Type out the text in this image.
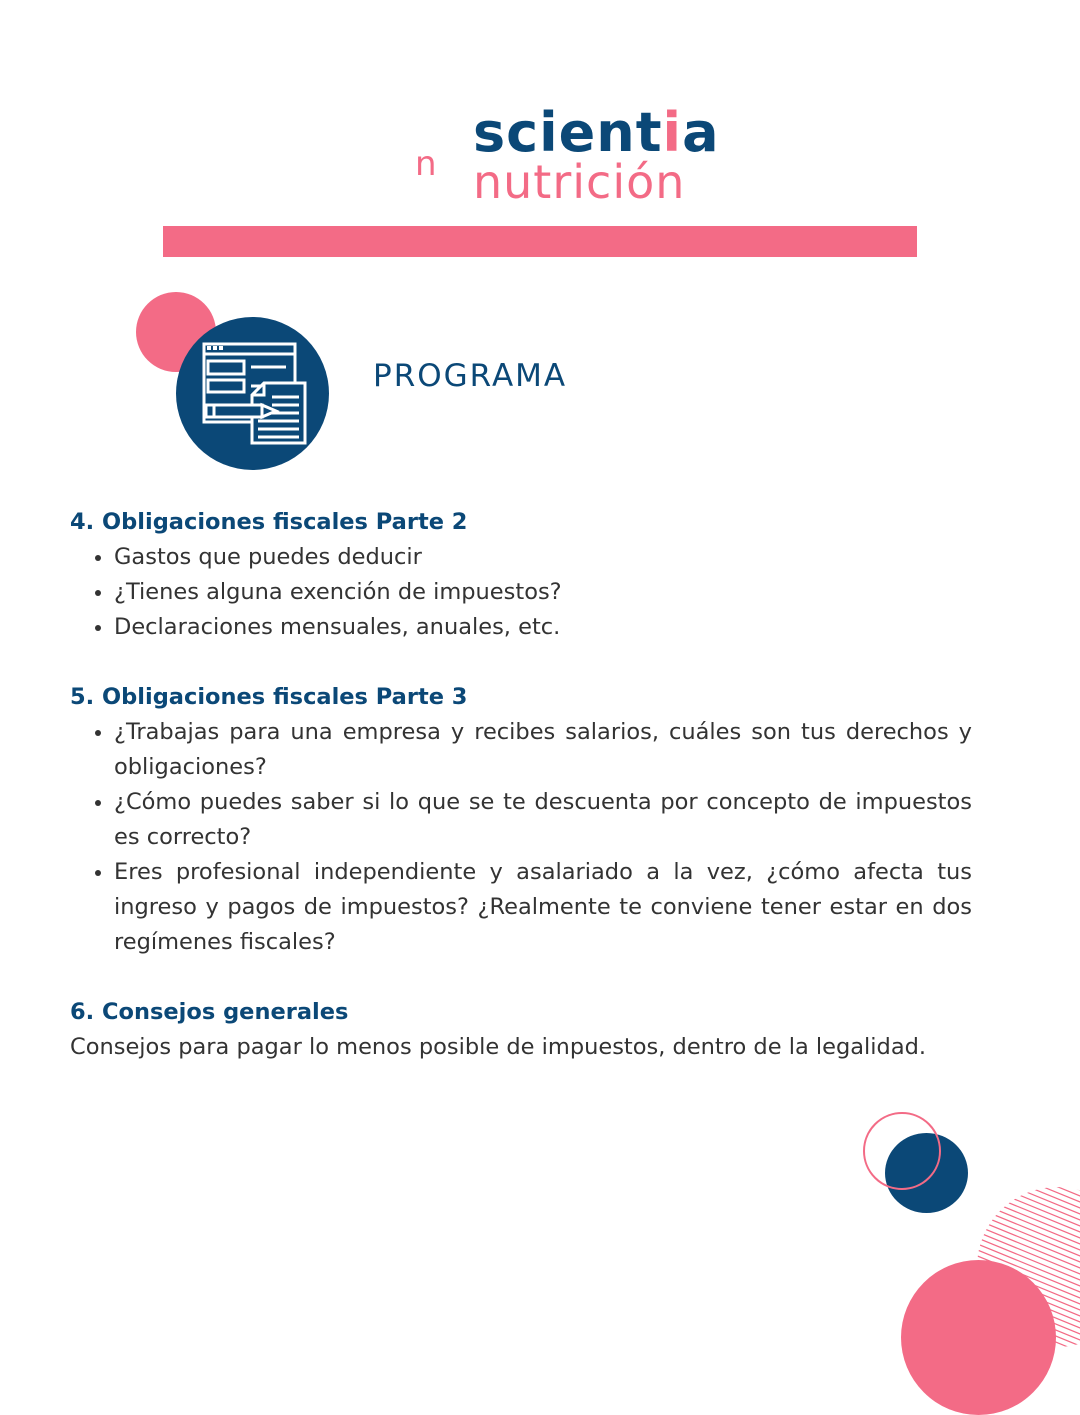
s n scientia
nutrición
PROGRAMA
4. Obligaciones fiscales Parte 2
Gastos que puedes deducir
¿Tienes alguna exención de impuestos?
Declaraciones mensuales, anuales, etc.
5. Obligaciones fiscales Parte 3
¿Trabajas para una empresa y recibes salarios, cuáles son tus derechos y obligaciones?
¿Cómo puedes saber si lo que se te descuenta por concepto de impuestos es correcto?
Eres profesional independiente y asalariado a la vez, ¿cómo afecta tus ingreso y pagos de impuestos? ¿Realmente te conviene tener estar en dos regímenes fiscales?
6. Consejos generales

Consejos para pagar lo menos posible de impuestos, dentro de la legalidad.
